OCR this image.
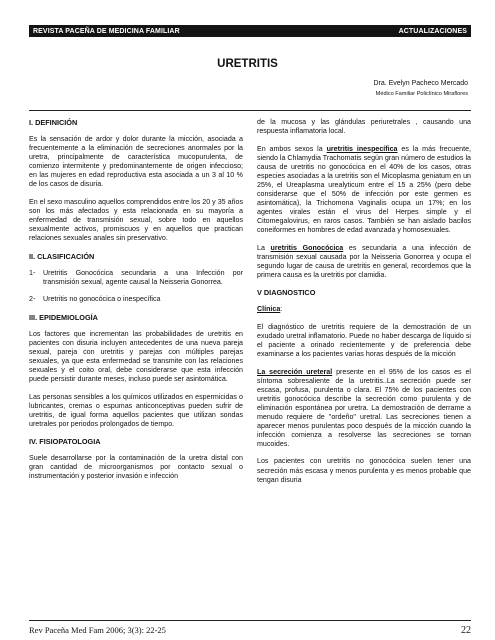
REVISTA PACEÑA DE MEDICINA FAMILIAR	ACTUALIZACIONES
URETRITIS
Dra. Evelyn Pacheco Mercado
Médico Familiar Policlínico Miraflores
I. DEFINICIÓN

Es la sensación de ardor y dolor durante la micción, asociada a frecuentemente a la eliminación de secreciones anormales por la uretra, principalmente de característica mucopurulenta, de comienzo intermitente y predominantemente de origen infeccioso; en las mujeres en edad reproductiva esta asociada a un 3 al 10 % de los casos de disuria.

En el sexo masculino aquellos comprendidos entre los 20 y 35 años son los más afectados y esta relacionada en su mayoría a enfermedad de transmisión sexual, sobre todo en aquellos sexualmente activos, promiscuos y en aquellos que practican relaciones sexuales anales sin preservativo.

II. CLASIFICACIÓN
1-	Uretritis Gonocócica secundaria a una Infección por transmisión sexual, agente causal la Neisseria Gonorrea.
2-	Uretritis no gonocócica o inespecífica
III. EPIDEMIOLOGÍA

Los factores que incrementan las probabilidades de uretritis en pacientes con disuria incluyen antecedentes de una nueva pareja sexual, pareja con uretritis y parejas con múltiples parejas sexuales, ya que esta enfermedad se transmite con las relaciones sexuales y el coito oral, debe considerarse que esta infección puede persistir durante meses, incluso puede ser asintomática.

Las personas sensibles a los químicos utilizados en espermicidas o lubricantes, cremas o espumas anticonceptivas pueden sufrir de uretritis, de igual forma aquellos pacientes que utilizan sondas uretrales por periodos prolongados de tiempo.

IV. FISIOPATOLOGIA

Suele desarrollarse por la contaminación de la uretra distal con gran cantidad de microorganismos por contacto sexual o instrumentación y posterior invasión e infección

de la mucosa y las glándulas periuretrales , causando una respuesta inflamatoria local.

En ambos sexos la uretritis inespecífica es la más frecuente, siendo la Chlamydia Trachomatis según gran número de estudios la causa de uretritis no gonocócica en el 40% de los casos, otras especies asociadas a la uretritis son el Micoplasma geniatum en un 25%, el Ureaplasma urealyticum entre el 15 a 25% (pero debe considerarse que el 50% de infección por este germen es asintomática), la Trichomona Vaginalis ocupa un 17%; en los agentes virales están el virus del Herpes simple y el Citomegalovirus, en raros casos. También se han aislado bacilos coneiformes en hombres de edad avanzada y homosexuales.

La uretritis Gonocócica es secundaria a una infección de transmisión sexual causada por la Neisseria Gonorrea y ocupa el segundo lugar de causa de uretritis en general, recordemos que la primera causa es la uretritis por clamidia.

V DIAGNOSTICO

Clínica:

El diagnóstico de uretritis requiere de la demostración de un exudado uretral inflamatorio. Puede no haber descarga de líquido si el paciente a orinado recientemente y de preferencia debe examinarse a los pacientes varias horas después de la micción

La secreción ureteral presente en el 95% de los casos es el síntoma sobresaliente de la uretritis..La secreción puede ser escasa, profusa, purulenta o clara. El 75% de los pacientes con uretritis gonocócica describe la secreción como purulenta y de eliminación espontánea por uretra. La demostración de derrame a menudo requiere de "ordeño" uretral. Las secreciones tienen a aparecer menos purulentas poco después de la micción cuando la infección comienza a resolverse las secreciones se tornan mucoides.

Los pacientes con uretritis no gonocócica suelen tener una secreción más escasa y menos purulenta y es menos probable que tengan disuria

Rev Paceña Med Fam 2006; 3(3): 22-25	22
